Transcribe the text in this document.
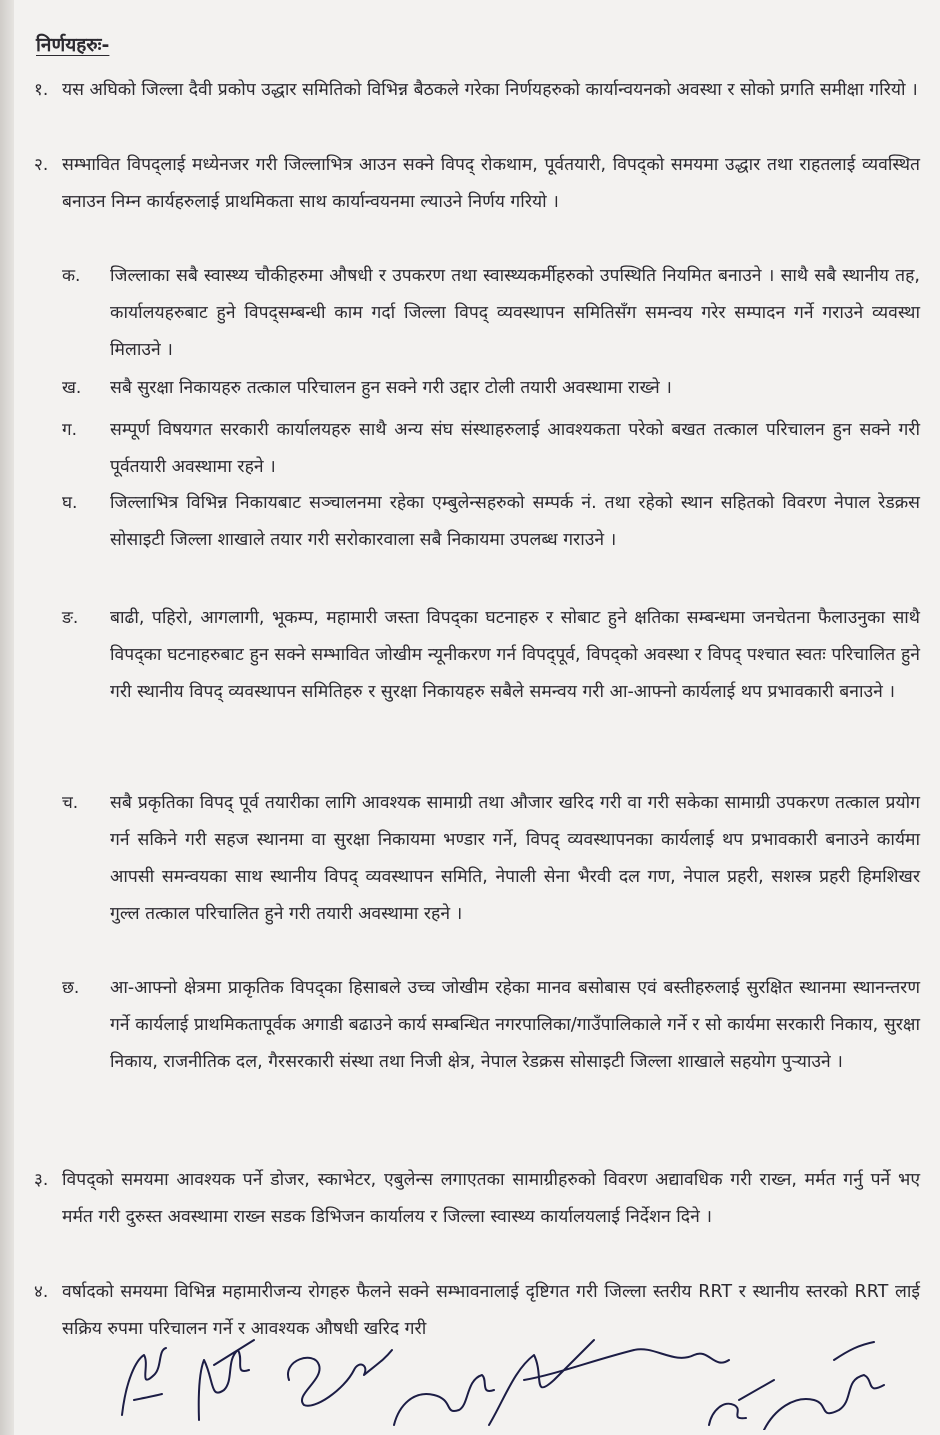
निर्णयहरुः-
१. यस अघिको जिल्ला दैवी प्रकोप उद्धार समितिको विभिन्न बैठकले गरेका निर्णयहरुको कार्यान्वयनको अवस्था र सोको प्रगति समीक्षा गरियो ।
२. सम्भावित विपद्लाई मध्येनजर गरी जिल्लाभित्र आउन सक्ने विपद् रोकथाम, पूर्वतयारी, विपद्को समयमा उद्धार तथा राहतलाई व्यवस्थित बनाउन निम्न कार्यहरुलाई प्राथमिकता साथ कार्यान्वयनमा ल्याउने निर्णय गरियो ।
क. जिल्लाका सबै स्वास्थ्य चौकीहरुमा औषधी र उपकरण तथा स्वास्थ्यकर्मीहरुको उपस्थिति नियमित बनाउने । साथै सबै स्थानीय तह, कार्यालयहरुबाट हुने विपद्सम्बन्धी काम गर्दा जिल्ला विपद् व्यवस्थापन समितिसँग समन्वय गरेर सम्पादन गर्ने गराउने व्यवस्था मिलाउने ।
ख. सबै सुरक्षा निकायहरु तत्काल परिचालन हुन सक्ने गरी उद्दार टोली तयारी अवस्थामा राख्ने ।
ग. सम्पूर्ण विषयगत सरकारी कार्यालयहरु साथै अन्य संघ संस्थाहरुलाई आवश्यकता परेको बखत तत्काल परिचालन हुन सक्ने गरी पूर्वतयारी अवस्थामा रहने ।
घ. जिल्लाभित्र विभिन्न निकायबाट सञ्चालनमा रहेका एम्बुलेन्सहरुको सम्पर्क नं. तथा रहेको स्थान सहितको विवरण नेपाल रेडक्रस सोसाइटी जिल्ला शाखाले तयार गरी सरोकारवाला सबै निकायमा उपलब्ध गराउने ।
ङ. बाढी, पहिरो, आगलागी, भूकम्प, महामारी जस्ता विपद्का घटनाहरु र सोबाट हुने क्षतिका सम्बन्धमा जनचेतना फैलाउनुका साथै विपद्का घटनाहरुबाट हुन सक्ने सम्भावित जोखीम न्यूनीकरण गर्न विपद्पूर्व, विपद्को अवस्था र विपद् पश्चात स्वतः परिचालित हुने गरी स्थानीय विपद् व्यवस्थापन समितिहरु र सुरक्षा निकायहरु सबैले समन्वय गरी आ-आफ्नो कार्यलाई थप प्रभावकारी बनाउने ।
च. सबै प्रकृतिका विपद् पूर्व तयारीका लागि आवश्यक सामाग्री तथा औजार खरिद गरी वा गरी सकेका सामाग्री उपकरण तत्काल प्रयोग गर्न सकिने गरी सहज स्थानमा वा सुरक्षा निकायमा भण्डार गर्ने, विपद् व्यवस्थापनका कार्यलाई थप प्रभावकारी बनाउने कार्यमा आपसी समन्वयका साथ स्थानीय विपद् व्यवस्थापन समिति, नेपाली सेना भैरवी दल गण, नेपाल प्रहरी, सशस्त्र प्रहरी हिमशिखर गुल्ल तत्काल परिचालित हुने गरी तयारी अवस्थामा रहने ।
छ. आ-आफ्नो क्षेत्रमा प्राकृतिक विपद्का हिसाबले उच्च जोखीम रहेका मानव बसोबास एवं बस्तीहरुलाई सुरक्षित स्थानमा स्थानन्तरण गर्ने कार्यलाई प्राथमिकतापूर्वक अगाडी बढाउने कार्य सम्बन्धित नगरपालिका/गाउँपालिकाले गर्ने र सो कार्यमा सरकारी निकाय, सुरक्षा निकाय, राजनीतिक दल, गैरसरकारी संस्था तथा निजी क्षेत्र, नेपाल रेडक्रस सोसाइटी जिल्ला शाखाले सहयोग पुऱ्याउने ।
३. विपद्को समयमा आवश्यक पर्ने डोजर, स्काभेटर, एबुलेन्स लगाएतका सामाग्रीहरुको विवरण अद्यावधिक गरी राख्न, मर्मत गर्नु पर्ने भए मर्मत गरी दुरुस्त अवस्थामा राख्न सडक डिभिजन कार्यालय र जिल्ला स्वास्थ्य कार्यालयलाई निर्देशन दिने ।
४. वर्षादको समयमा विभिन्न महामारीजन्य रोगहरु फैलने सक्ने सम्भावनालाई दृष्टिगत गरी जिल्ला स्तरीय RRT र स्थानीय स्तरको RRT लाई सक्रिय रुपमा परिचालन गर्ने र आवश्यक औषधी खरिद गरी
